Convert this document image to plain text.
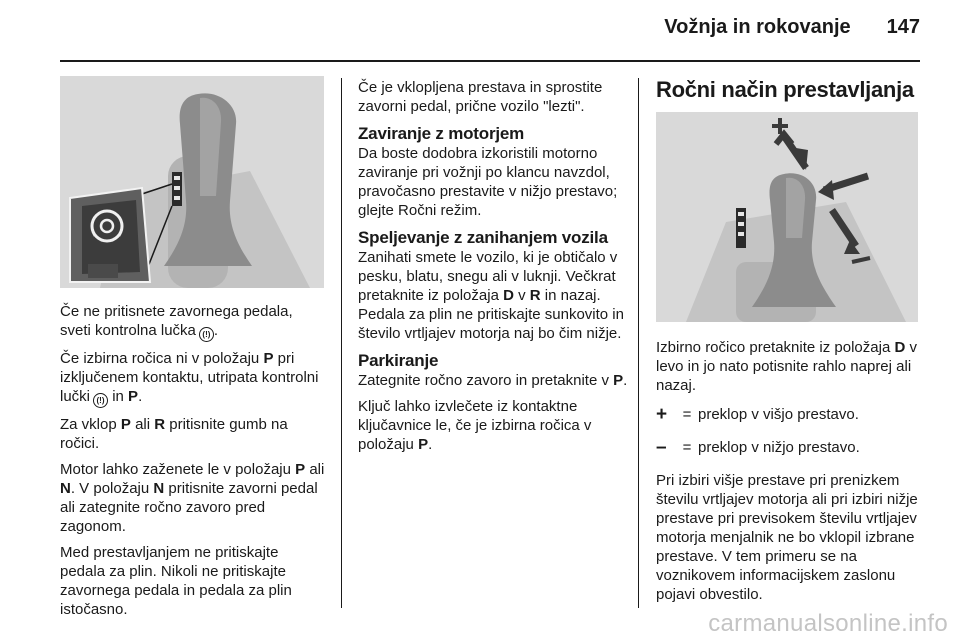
Vožnja in rokovanje 147

Če ne pritisnete zavornega pedala, sveti kontrolna lučka (!) .

Če izbirna ročica ni v položaju P pri izključenem kontaktu, utripata kontrolni lučki (!) in P.

Za vklop P ali R pritisnite gumb na ročici.

Motor lahko zaženete le v položaju P ali N. V položaju N pritisnite zavorni pedal ali zategnite ročno zavoro pred zagonom.

Med prestavljanjem ne pritiskajte pedala za plin. Nikoli ne pritiskajte zavornega pedala in pedala za plin istočasno.

Če je vklopljena prestava in sprostite zavorni pedal, prične vozilo "lezti".

Zaviranje z motorjem

Da boste dodobra izkoristili motorno zaviranje pri vožnji po klancu navzdol, pravočasno prestavite v nižjo prestavo; glejte Ročni režim.

Speljevanje z zanihanjem vozila

Zanihati smete le vozilo, ki je obtičalo v pesku, blatu, snegu ali v luknji. Večkrat pretaknite iz položaja D v R in nazaj. Pedala za plin ne pritiskajte sunkovito in število vrtljajev motorja naj bo čim nižje.

Parkiranje

Zategnite ročno zavoro in pretaknite v P.

Ključ lahko izvlečete iz kontaktne ključavnice le, če je izbirna ročica v položaju P.

Ročni način prestavljanja

Izbirno ročico pretaknite iz položaja D v levo in jo nato potisnite rahlo naprej ali nazaj.

+	= preklop v višjo prestavo.
–	= preklop v nižjo prestavo.

Pri izbiri višje prestave pri prenizkem številu vrtljajev motorja ali pri izbiri nižje prestave pri previsokem številu vrtljajev motorja menjalnik ne bo vklopil izbrane prestave. V tem primeru se na voznikovem informacijskem zaslonu pojavi obvestilo.

carmanualsonline.info
